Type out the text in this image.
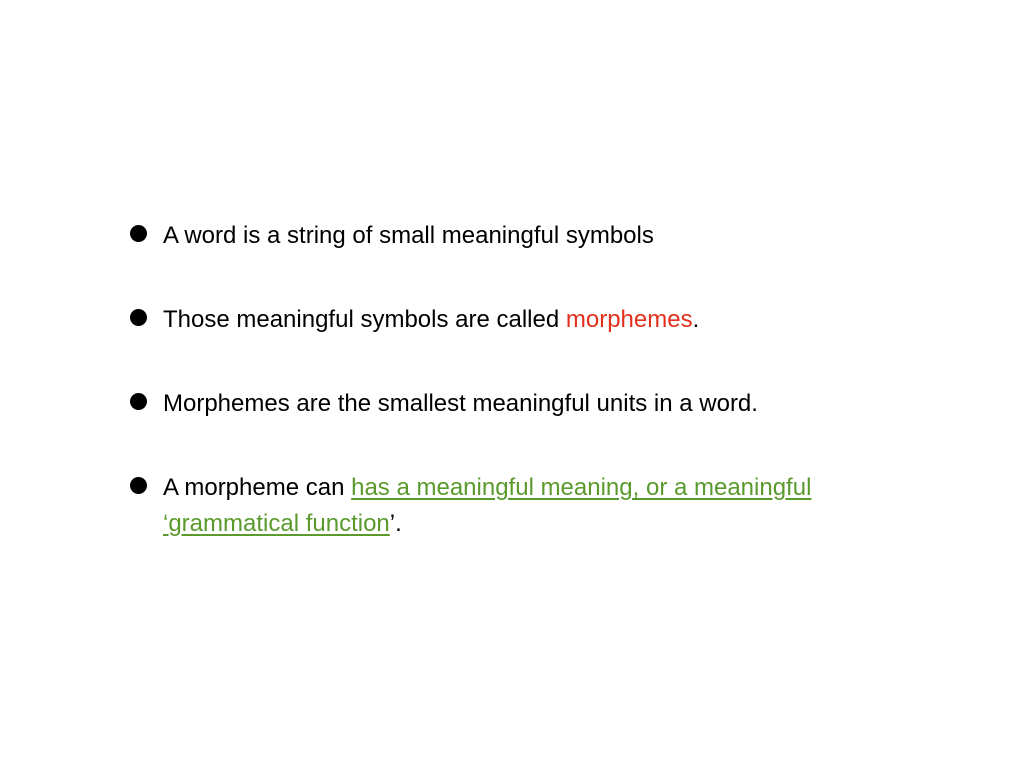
A word is a string of small meaningful symbols
Those meaningful symbols are called morphemes.
Morphemes are the smallest meaningful units in a word.
A morpheme can has a meaningful meaning, or a meaningful ‘grammatical function’.
